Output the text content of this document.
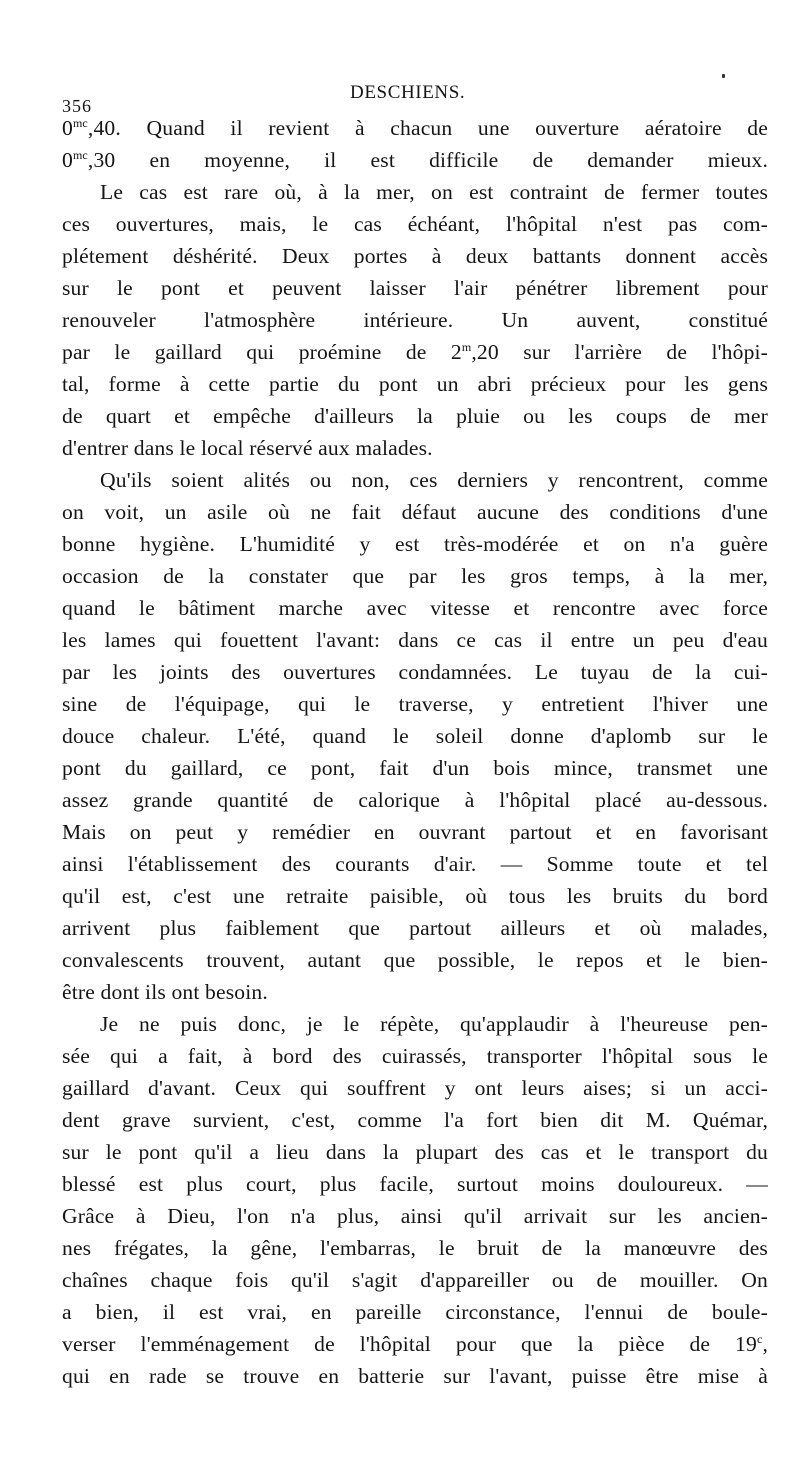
356
DESCHIENS.
$0^{mc},40$. Quand il revient à chacun une ouverture aératoire de
$0^{mc},30$ en moyenne, il est difficile de demander mieux.
Le cas est rare où, à la mer, on est contraint de fermer toutes
ces ouvertures, mais, le cas échéant, l'hôpital n'est pas com-
plétement déshérité. Deux portes à deux battants donnent accès
sur le pont et peuvent laisser l'air pénétrer librement pour
renouveler l'atmosphère intérieure. Un auvent, constitué
par le gaillard qui proémine de 2$^m$,20 sur l'arrière de l'hôpi-
tal, forme à cette partie du pont un abri précieux pour les gens
de quart et empêche d'ailleurs la pluie ou les coups de mer
d'entrer dans le local réservé aux malades.
Qu'ils soient alités ou non, ces derniers y rencontrent, comme
on voit, un asile où ne fait défaut aucune des conditions d'une
bonne hygiène. L'humidité y est très-modérée et on n'a guère
occasion de la constater que par les gros temps, à la mer,
quand le bâtiment marche avec vitesse et rencontre avec force
les lames qui fouettent l'avant: dans ce cas il entre un peu d'eau
par les joints des ouvertures condamnées. Le tuyau de la cui-
sine de l'équipage, qui le traverse, y entretient l'hiver une
douce chaleur. L'été, quand le soleil donne d'aplomb sur le
pont du gaillard, ce pont, fait d'un bois mince, transmet une
assez grande quantité de calorique à l'hôpital placé au-dessous.
Mais on peut y remédier en ouvrant partout et en favorisant
ainsi l'établissement des courants d'air. — Somme toute et tel
qu'il est, c'est une retraite paisible, où tous les bruits du bord
arrivent plus faiblement que partout ailleurs et où malades,
convalescents trouvent, autant que possible, le repos et le bien-
être dont ils ont besoin.
Je ne puis donc, je le répète, qu'applaudir à l'heureuse pen-
sée qui a fait, à bord des cuirassés, transporter l'hôpital sous le
gaillard d'avant. Ceux qui souffrent y ont leurs aises; si un acci-
dent grave survient, c'est, comme l'a fort bien dit M. Quémar,
sur le pont qu'il a lieu dans la plupart des cas et le transport du
blessé est plus court, plus facile, surtout moins douloureux. —
Grâce à Dieu, l'on n'a plus, ainsi qu'il arrivait sur les ancien-
nes frégates, la gêne, l'embarras, le bruit de la manœuvre des
chaînes chaque fois qu'il s'agit d'appareiller ou de mouiller. On
a bien, il est vrai, en pareille circonstance, l'ennui de boule-
verser l'emménagement de l'hôpital pour que la pièce de 19$^c$,
qui en rade se trouve en batterie sur l'avant, puisse être mise à
